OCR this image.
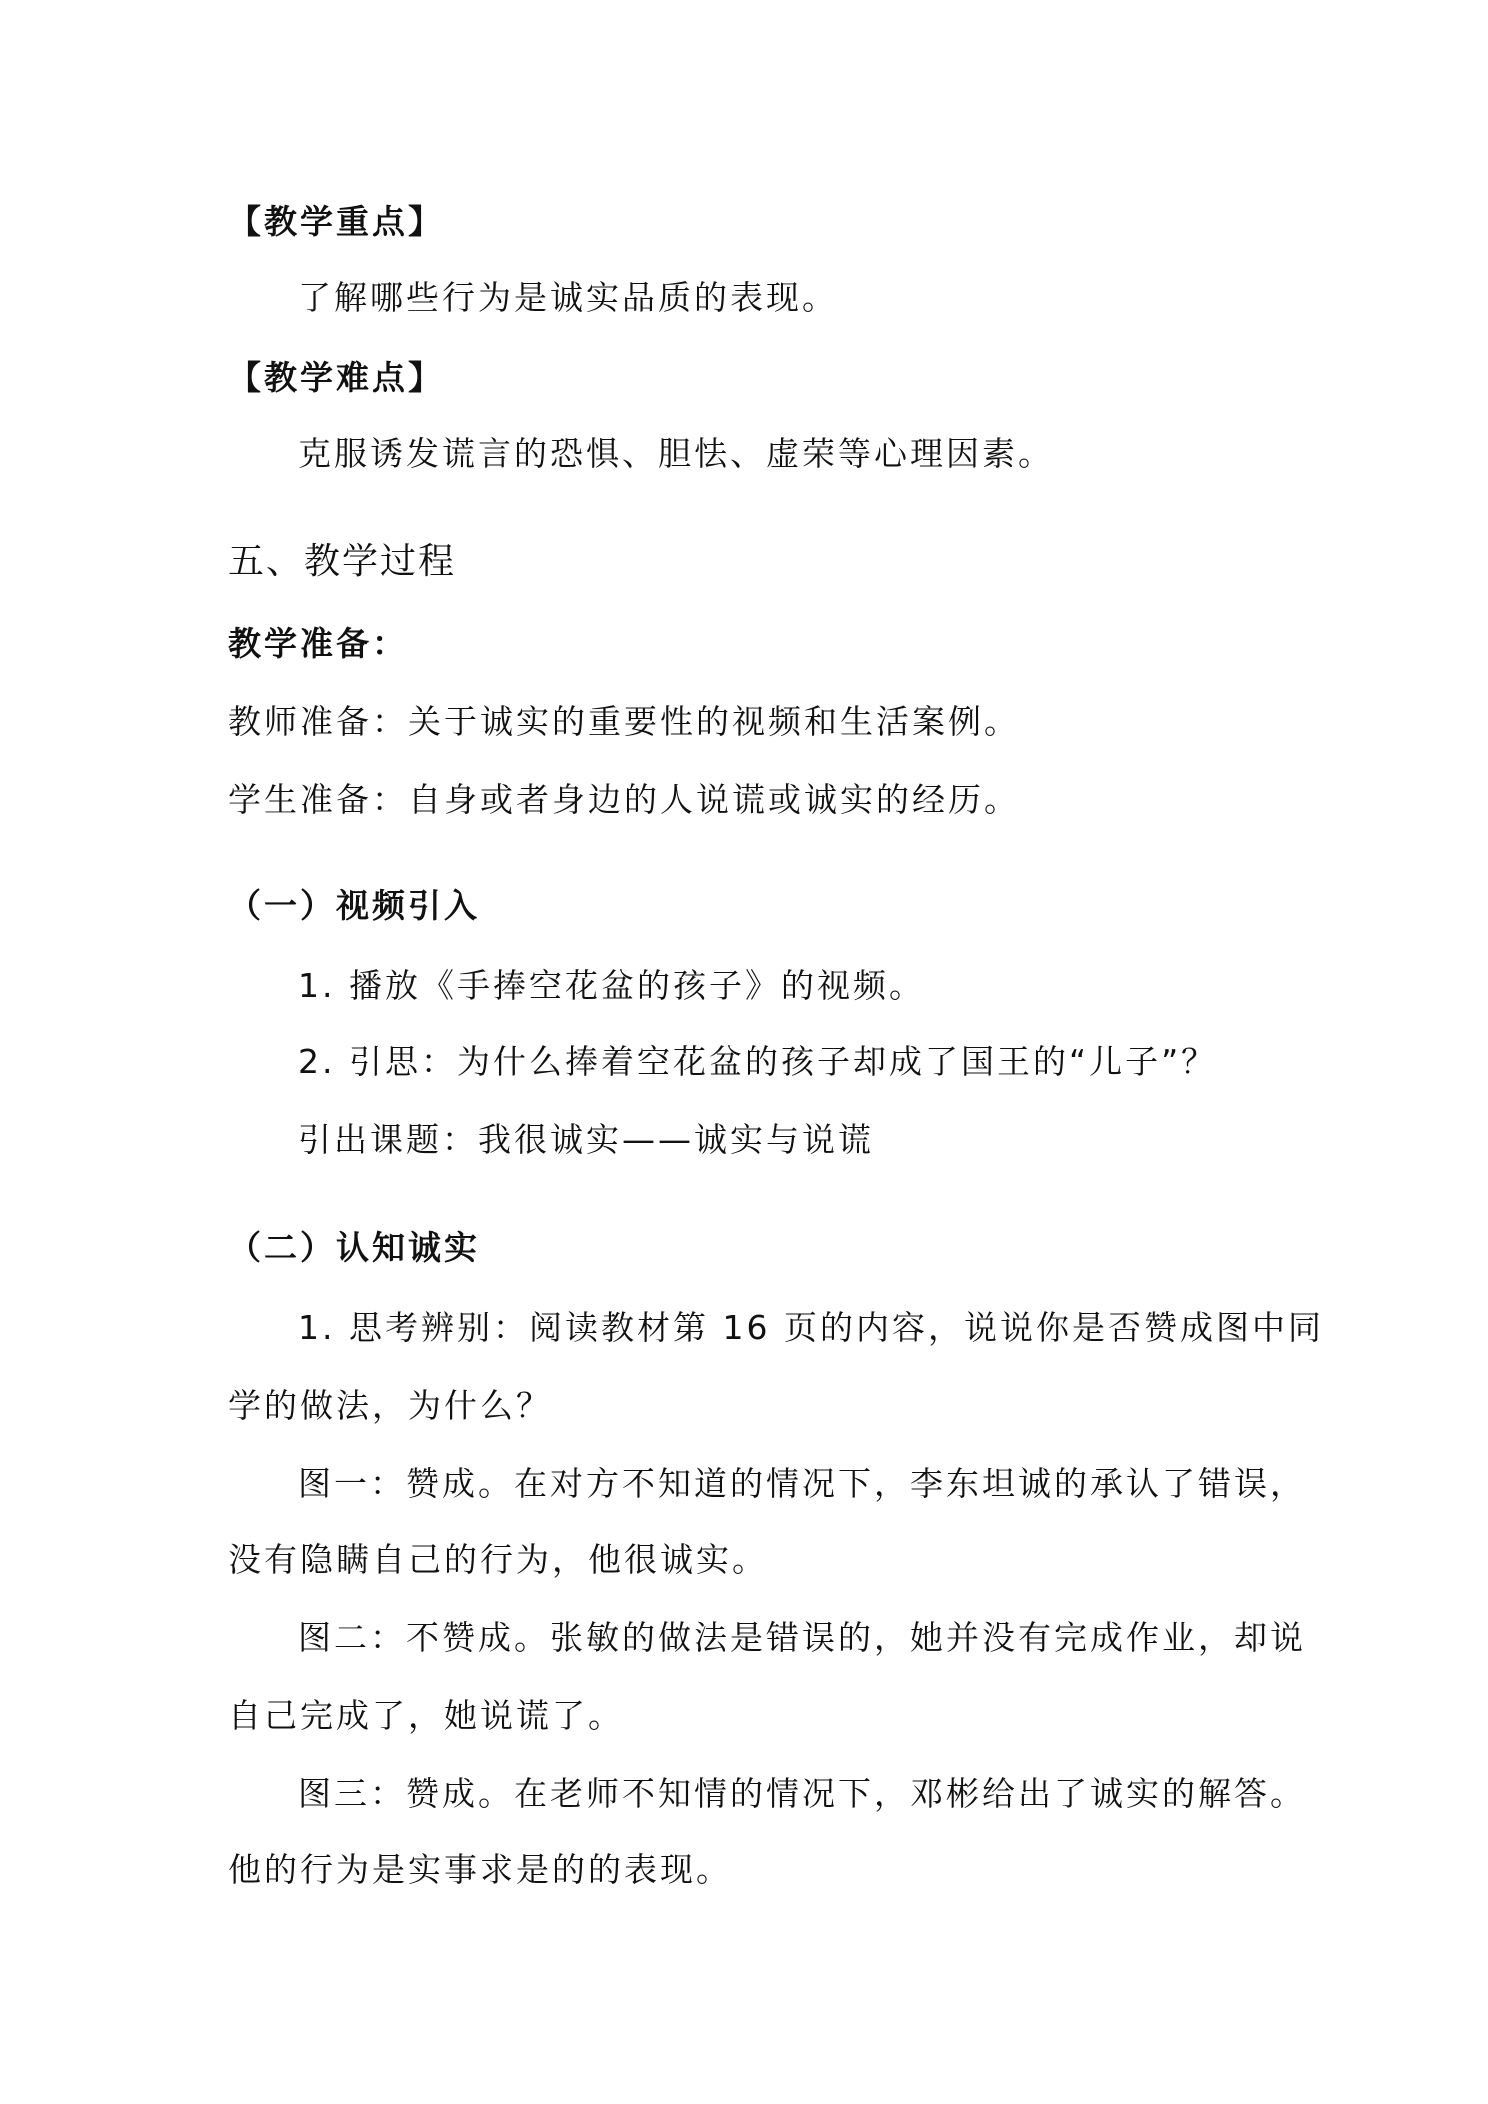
【教学重点】
了解哪些行为是诚实品质的表现。
【教学难点】
克服诱发谎言的恐惧、胆怯、虚荣等心理因素。
五、教学过程
教学准备：
教师准备：关于诚实的重要性的视频和生活案例。
学生准备：自身或者身边的人说谎或诚实的经历。
（一）视频引入
1. 播放《手捧空花盆的孩子》的视频。
2. 引思：为什么捧着空花盆的孩子却成了国王的“儿子”？
引出课题：我很诚实——诚实与说谎
（二）认知诚实
1. 思考辨别：阅读教材第 16 页的内容，说说你是否赞成图中同
学的做法，为什么？
图一：赞成。在对方不知道的情况下，李东坦诚的承认了错误，
没有隐瞒自己的行为，他很诚实。
图二：不赞成。张敏的做法是错误的，她并没有完成作业，却说
自己完成了，她说谎了。
图三：赞成。在老师不知情的情况下，邓彬给出了诚实的解答。
他的行为是实事求是的的表现。
